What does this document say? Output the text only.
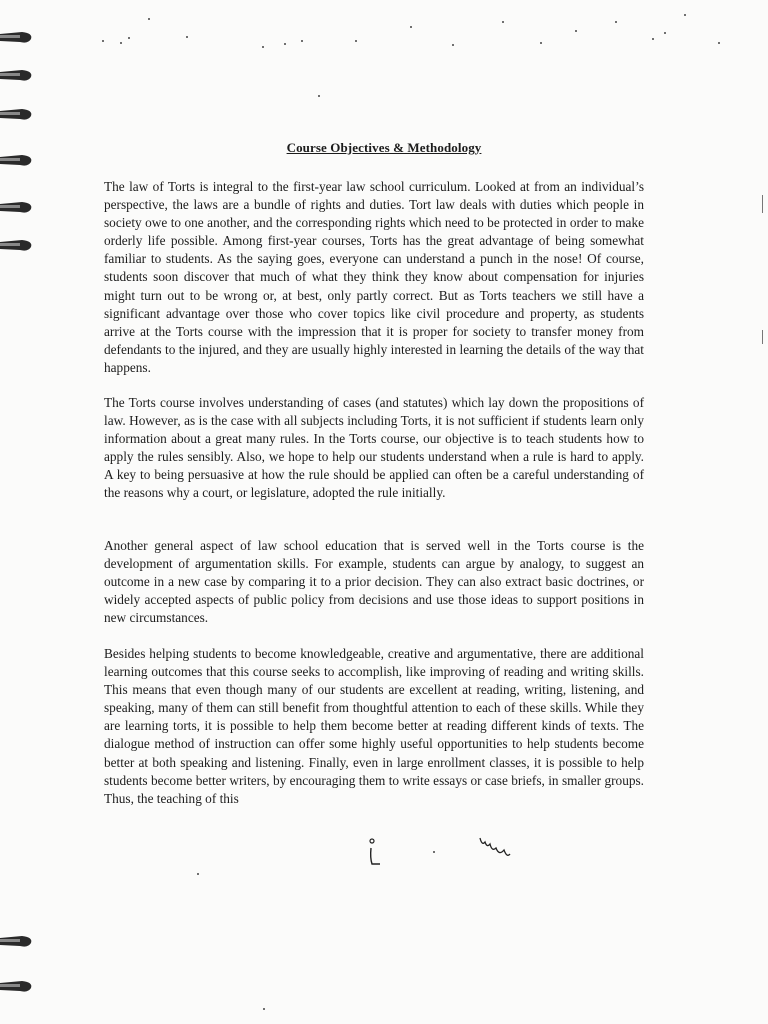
Course Objectives & Methodology

The law of Torts is integral to the first-year law school curriculum. Looked at from an individual’s perspective, the laws are a bundle of rights and duties. Tort law deals with duties which people in society owe to one another, and the corresponding rights which need to be protected in order to make orderly life possible. Among first-year courses, Torts has the great advantage of being somewhat familiar to students. As the saying goes, everyone can understand a punch in the nose! Of course, students soon discover that much of what they think they know about compensation for injuries might turn out to be wrong or, at best, only partly correct. But as Torts teachers we still have a significant advantage over those who cover topics like civil procedure and property, as students arrive at the Torts course with the impression that it is proper for society to transfer money from defendants to the injured, and they are usually highly interested in learning the details of the way that happens.

The Torts course involves understanding of cases (and statutes) which lay down the propositions of law. However, as is the case with all subjects including Torts, it is not sufficient if students learn only information about a great many rules. In the Torts course, our objective is to teach students how to apply the rules sensibly. Also, we hope to help our students understand when a rule is hard to apply. A key to being persuasive at how the rule should be applied can often be a careful understanding of the reasons why a court, or legislature, adopted the rule initially.

Another general aspect of law school education that is served well in the Torts course is the development of argumentation skills. For example, students can argue by analogy, to suggest an outcome in a new case by comparing it to a prior decision. They can also extract basic doctrines, or widely accepted aspects of public policy from decisions and use those ideas to support positions in new circumstances.

Besides helping students to become knowledgeable, creative and argumentative, there are additional learning outcomes that this course seeks to accomplish, like improving of reading and writing skills. This means that even though many of our students are excellent at reading, writing, listening, and speaking, many of them can still benefit from thoughtful attention to each of these skills. While they are learning torts, it is possible to help them become better at reading different kinds of texts. The dialogue method of instruction can offer some highly useful opportunities to help students become better at both speaking and listening. Finally, even in large enrollment classes, it is possible to help students become better writers, by encouraging them to write essays or case briefs, in smaller groups. Thus, the teaching of this
